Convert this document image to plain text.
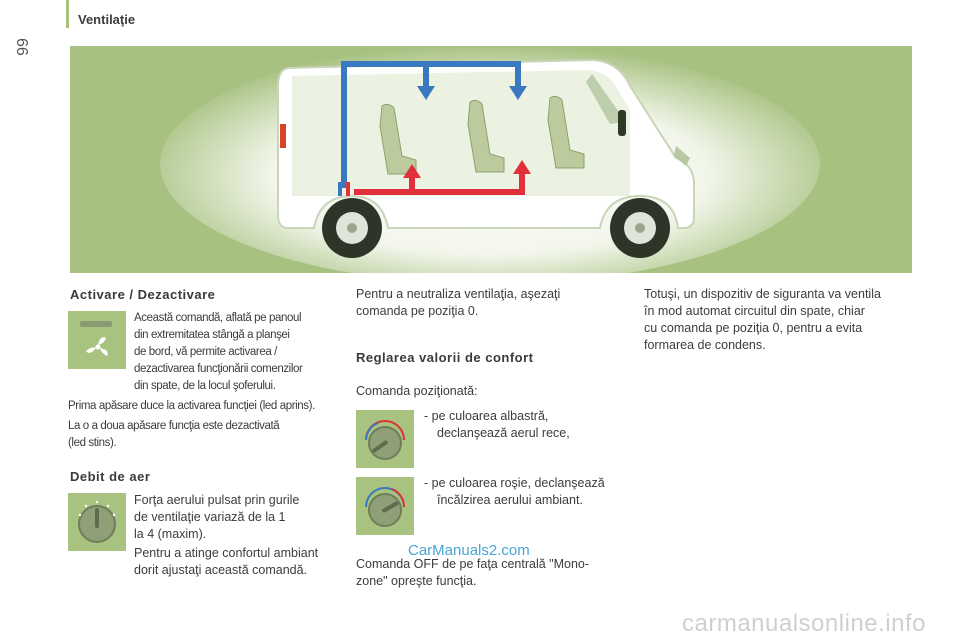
Ventilaţie
66
Activare / Dezactivare

Această comandă, aflată pe panoul

din extremitatea stângă a planşei

de bord, vă permite activarea /

dezactivarea funcţionării comenzilor

din spate, de la locul şoferului.

Prima apăsare duce la activarea funcţiei (led aprins).

La o a doua apăsare funcţia este dezactivată

(led stins).

Debit de aer

Forţa aerului pulsat prin gurile

de ventilaţie variază de la 1

la 4 (maxim).

Pentru a atinge confortul ambiant

dorit ajustaţi această comandă.

Pentru a neutraliza ventilaţia, aşezaţi

comanda pe poziţia 0.

Reglarea valorii de confort

Comanda poziţionată:

- pe culoarea albastră,

declanşează aerul rece,

- pe culoarea roşie, declanşează

încălzirea aerului ambiant.

Comanda OFF de pe faţa centrală "Mono-

zone" opreşte funcţia.

Totuşi, un dispozitiv de siguranta va ventila

în mod automat circuitul din spate, chiar

cu comanda pe poziţia 0, pentru a evita

formarea de condens.

CarManuals2.com
carmanualsonline.info
